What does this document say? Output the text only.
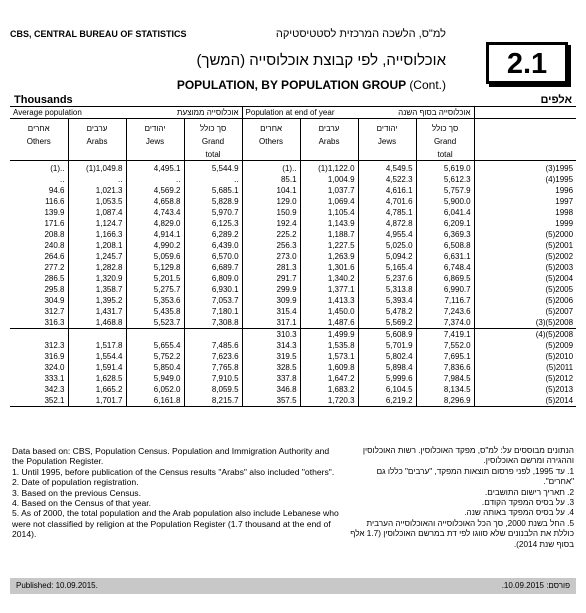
CBS, CENTRAL BUREAU OF STATISTICS	למ"ס, הלשכה המרכזית לסטטיסטיקה
אוכלוסייה, לפי קבוצת אוכלוסייה (המשך)
POPULATION, BY POPULATION GROUP (Cont.)
2.1
Thousands	אלפים
Average population אוכלוסייה ממוצעת				Population at end of year אוכלוסייה בסוף השנה				

אחרים	ערבים	יהודים	סך כולל	אחרים	ערבים	יהודים	סך כולל	
Others	Arabs	Jews	Grand	Others	Arabs	Jews	Grand	
			total				total	
(1)..	(1)1,049.8	4,495.1	5,544.9	(1)..	(1)1,122.0	4,549.5	5,619.0	(3)1995
..	..	..	..	85.1	1,004.9	4,522.3	5,612.3	(4)1995
94.6	1,021.3	4,569.2	5,685.1	104.1	1,037.7	4,616.1	5,757.9	1996
116.6	1,053.5	4,658.8	5,828.9	129.0	1,069.4	4,701.6	5,900.0	1997
139.9	1,087.4	4,743.4	5,970.7	150.9	1,105.4	4,785.1	6,041.4	1998
171.6	1,124.7	4,829.0	6,125.3	192.4	1,143.9	4,872.8	6,209.1	1999
208.8	1,166.3	4,914.1	6,289.2	225.2	1,188.7	4,955.4	6,369.3	(5)2000
240.8	1,208.1	4,990.2	6,439.0	256.3	1,227.5	5,025.0	6,508.8	(5)2001
264.6	1,245.7	5,059.6	6,570.0	273.0	1,263.9	5,094.2	6,631.1	(5)2002
277.2	1,282.8	5,129.8	6,689.7	281.3	1,301.6	5,165.4	6,748.4	(5)2003
286.5	1,320.9	5,201.5	6,809.0	291.7	1,340.2	5,237.6	6,869.5	(5)2004
295.8	1,358.7	5,275.7	6,930.1	299.9	1,377.1	5,313.8	6,990.7	(5)2005
304.9	1,395.2	5,353.6	7,053.7	309.9	1,413.3	5,393.4	7,116.7	(5)2006
312.7	1,431.7	5,435.8	7,180.1	315.4	1,450.0	5,478.2	7,243.6	(5)2007
316.3	1,468.8	5,523.7	7,308.8	317.1	1,487.6	5,569.2	7,374.0	(3)(5)2008
				310.3	1,499.9	5,608.9	7,419.1	(4)(5)2008
312.3	1,517.8	5,655.4	7,485.6	314.3	1,535.8	5,701.9	7,552.0	(5)2009
316.9	1,554.4	5,752.2	7,623.6	319.5	1,573.1	5,802.4	7,695.1	(5)2010
324.0	1,591.4	5,850.4	7,765.8	328.5	1,609.8	5,898.4	7,836.6	(5)2011
333.1	1,628.5	5,949.0	7,910.5	337.8	1,647.2	5,999.6	7,984.5	(5)2012
342.3	1,665.2	6,052.0	8,059.5	346.8	1,683.2	6,104.5	8,134.5	(5)2013
352.1	1,701.7	6,161.8	8,215.7	357.5	1,720.3	6,219.2	8,296.9	(5)2014
Data based on: CBS, Population Census. Population and Immigration Authority and the Population Register.
1. Until 1995, before publication of the Census results "Arabs" also included "others".
2. Date of population registration.
3. Based on the previous Census.
4. Based on the Census of that year.
5. As of 2000, the total population and the Arab population also include Lebanese who were not classified by religion at the Population Register (1.7 thousand at the end of 2014).
הנתונים מבוססים על: למ"ס, מפקד האוכלוסין. רשות האוכלוסין וההגירה ומרשם האוכלוסין.
1. עד 1995, לפני פרסום תוצאות המפקד, "ערבים" כללו גם "אחרים".
2. תאריך רישום התושבים.
3. על בסיס המפקד הקודם.
4. על בסיס המפקד באותה שנה.
5. החל בשנת 2000, סך הכל האוכלוסייה והאוכלוסייה הערבית כוללת את הלבנונים שלא סווגו לפי דת במרשם האוכלוסין (1.7 אלף בסוף שנת 2014).
Published: 10.09.2015.	פורסם: 10.09.2015.
